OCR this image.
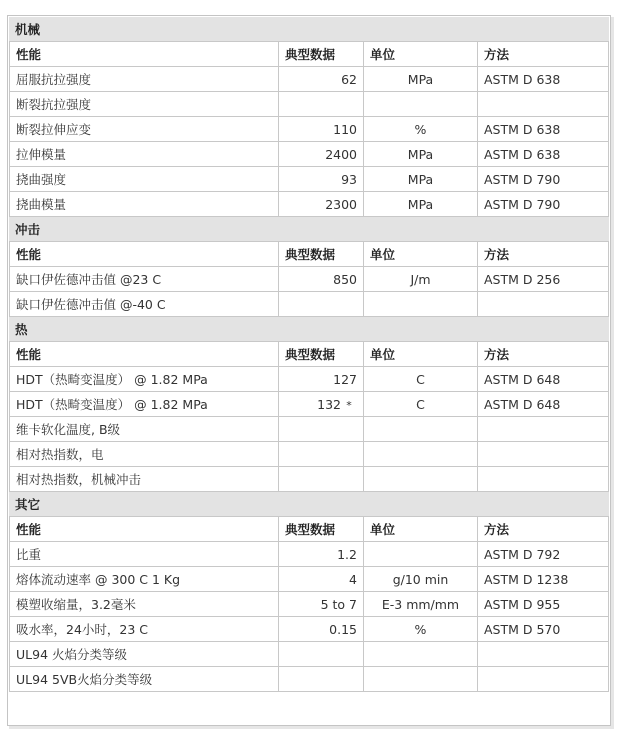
机械			
性能	典型数据	单位	方法
屈服抗拉强度	62	MPa	ASTM D 638
断裂抗拉强度			
断裂拉伸应变	110	%	ASTM D 638
拉伸模量	2400	MPa	ASTM D 638
挠曲强度	93	MPa	ASTM D 790
挠曲模量	2300	MPa	ASTM D 790
冲击			
性能	典型数据	单位	方法
缺口伊佐德冲击值 @23 C	850	J/m	ASTM D 256
缺口伊佐德冲击值 @-40 C			
热			
性能	典型数据	单位	方法
HDT（热畸变温度） @ 1.82 MPa	127	C	ASTM D 648
HDT（热畸变温度） @ 1.82 MPa	132 *	C	ASTM D 648
维卡软化温度, B级			
相对热指数，电			
相对热指数，机械冲击			
其它			
性能	典型数据	单位	方法
比重	1.2		ASTM D 792
熔体流动速率 @ 300 C 1 Kg	4	g/10 min	ASTM D 1238
模塑收缩量，3.2毫米	5 to 7	E-3 mm/mm	ASTM D 955
吸水率，24小时，23 C	0.15	%	ASTM D 570
UL94 火焰分类等级			
UL94 5VB火焰分类等级			
